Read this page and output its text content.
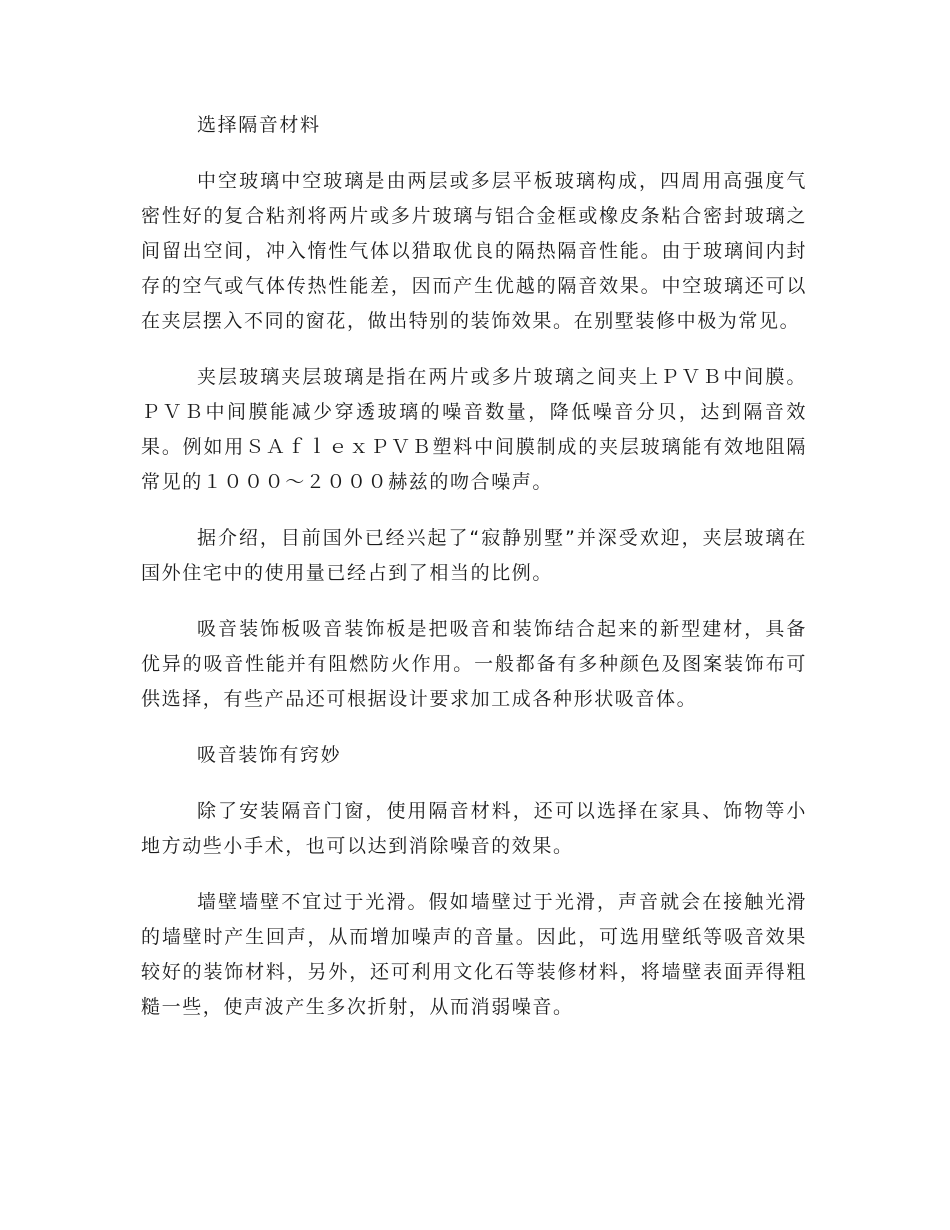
选择隔音材料

中空玻璃中空玻璃是由两层或多层平板玻璃构成，四周用高强度气密性好的复合粘剂将两片或多片玻璃与铝合金框或橡皮条粘合密封玻璃之间留出空间，冲入惰性气体以猎取优良的隔热隔音性能。由于玻璃间内封存的空气或气体传热性能差，因而产生优越的隔音效果。中空玻璃还可以在夹层摆入不同的窗花，做出特别的装饰效果。在别墅装修中极为常见。

夹层玻璃夹层玻璃是指在两片或多片玻璃之间夹上ＰＶＢ中间膜。ＰＶＢ中间膜能减少穿透玻璃的噪音数量，降低噪音分贝，达到隔音效果。例如用ＳＡｆｌｅｘＰＶＢ塑料中间膜制成的夹层玻璃能有效地阻隔常见的１０００～２０００赫兹的吻合噪声。

据介绍，目前国外已经兴起了“寂静别墅”并深受欢迎，夹层玻璃在国外住宅中的使用量已经占到了相当的比例。

吸音装饰板吸音装饰板是把吸音和装饰结合起来的新型建材，具备优异的吸音性能并有阻燃防火作用。一般都备有多种颜色及图案装饰布可供选择，有些产品还可根据设计要求加工成各种形状吸音体。

吸音装饰有窍妙

除了安装隔音门窗，使用隔音材料，还可以选择在家具、饰物等小地方动些小手术，也可以达到消除噪音的效果。

墙壁墙壁不宜过于光滑。假如墙壁过于光滑，声音就会在接触光滑的墙壁时产生回声，从而增加噪声的音量。因此，可选用壁纸等吸音效果较好的装饰材料，另外，还可利用文化石等装修材料，将墙壁表面弄得粗糙一些，使声波产生多次折射，从而消弱噪音。
